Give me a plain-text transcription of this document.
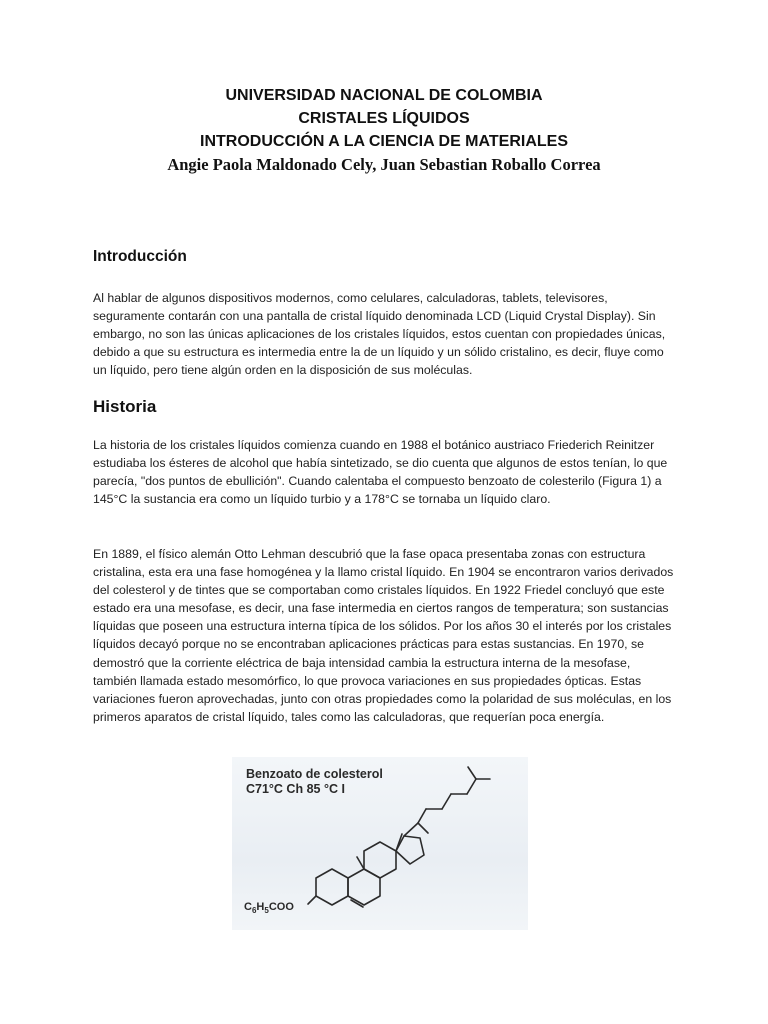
UNIVERSIDAD NACIONAL DE COLOMBIA
CRISTALES LÍQUIDOS
INTRODUCCIÓN A LA CIENCIA DE MATERIALES
Angie Paola Maldonado Cely, Juan Sebastian Roballo Correa
Introducción

Al hablar de algunos dispositivos modernos, como celulares, calculadoras, tablets, televisores, seguramente contarán con una pantalla de cristal líquido denominada LCD (Liquid Crystal Display). Sin embargo, no son las únicas aplicaciones de los cristales líquidos, estos cuentan con propiedades únicas, debido a que su estructura es intermedia entre la de un líquido y un sólido cristalino, es decir, fluye como un líquido, pero tiene algún orden en la disposición de sus moléculas.

Historia

La historia de los cristales líquidos comienza cuando en 1988 el botánico austriaco Friederich Reinitzer estudiaba los ésteres de alcohol que había sintetizado, se dio cuenta que algunos de estos tenían, lo que parecía, "dos puntos de ebullición". Cuando calentaba el compuesto benzoato de colesterilo (Figura 1) a 145°C la sustancia era como un líquido turbio y a 178°C se tornaba un líquido claro.

En 1889, el físico alemán Otto Lehman descubrió que la fase opaca presentaba zonas con estructura cristalina, esta era una fase homogénea y la llamo cristal líquido. En 1904 se encontraron varios derivados del colesterol y de tintes que se comportaban como cristales líquidos. En 1922 Friedel concluyó que este estado era una mesofase, es decir, una fase intermedia en ciertos rangos de temperatura; son sustancias líquidas que poseen una estructura interna típica de los sólidos. Por los años 30 el interés por los cristales líquidos decayó porque no se encontraban aplicaciones prácticas para estas sustancias. En 1970, se demostró que la corriente eléctrica de baja intensidad cambia la estructura interna de la mesofase, también llamada estado mesomórfico, lo que provoca variaciones en sus propiedades ópticas. Estas variaciones fueron aprovechadas, junto con otras propiedades como la polaridad de sus moléculas, en los primeros aparatos de cristal líquido, tales como las calculadoras, que requerían poca energía.

Benzoato de colesterol
C71°C Ch 85 °C I
$C_6H_5COO$
